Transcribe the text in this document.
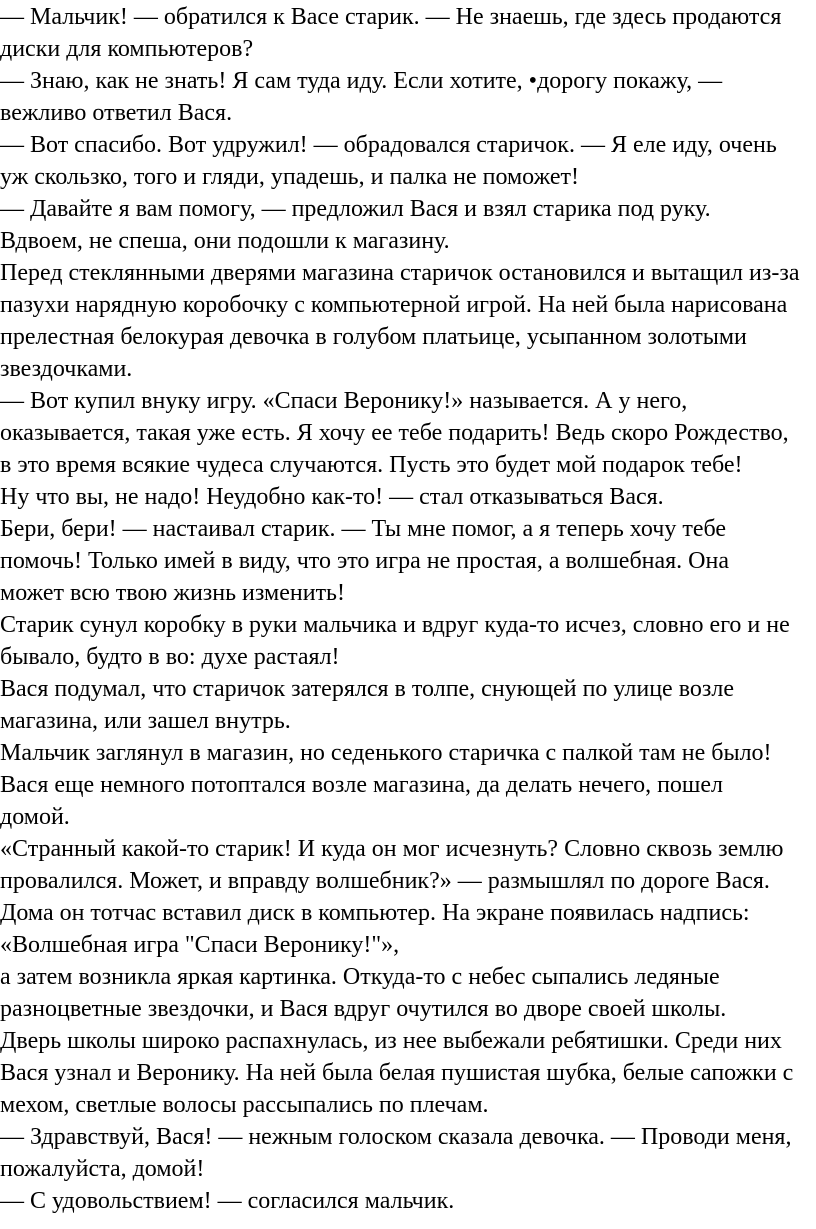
— Мальчик! — обратился к Васе старик. — Не знаешь, где здесь продаются
диски для компьютеров?
— Знаю, как не знать! Я сам туда иду. Если хотите, •дорогу покажу, —
вежливо ответил Вася.
— Вот спасибо. Вот удружил! — обрадовался старичок. — Я еле иду, очень
уж скользко, того и гляди, упадешь, и палка не поможет!
— Давайте я вам помогу, — предложил Вася и взял старика под руку.
Вдвоем, не спеша, они подошли к магазину.
Перед стеклянными дверями магазина старичок остановился и вытащил из-за
пазухи нарядную коробочку с компьютерной игрой. На ней была нарисована
прелестная белокурая девочка в голубом платьице, усыпанном золотыми
звездочками.
— Вот купил внуку игру. «Спаси Веронику!» называется. А у него,
оказывается, такая уже есть. Я хочу ее тебе подарить! Ведь скоро Рождество,
в это время всякие чудеса случаются. Пусть это будет мой подарок тебе!
Ну что вы, не надо! Неудобно как-то! — стал отказываться Вася.
Бери, бери! — настаивал старик. — Ты мне помог, а я теперь хочу тебе
помочь! Только имей в виду, что это игра не простая, а волшебная. Она
может всю твою жизнь изменить!
Старик сунул коробку в руки мальчика и вдруг куда-то исчез, словно его и не
бывало, будто в во: духе растаял!
Вася подумал, что старичок затерялся в толпе, снующей по улице возле
магазина, или зашел внутрь.
Мальчик заглянул в магазин, но седенького старичка с палкой там не было!
Вася еще немного потоптался возле магазина, да делать нечего, пошел
домой.
«Странный какой-то старик! И куда он мог исчезнуть? Словно сквозь землю
провалился. Может, и вправду волшебник?» — размышлял по дороге Вася.
Дома он тотчас вставил диск в компьютер. На экране появилась надпись:
«Волшебная игра "Спаси Веронику!"»,
а затем возникла яркая картинка. Откуда-то с небес сыпались ледяные
разноцветные звездочки, и Вася вдруг очутился во дворе своей школы.
Дверь школы широко распахнулась, из нее выбежали ребятишки. Среди них
Вася узнал и Веронику. На ней была белая пушистая шубка, белые сапожки с
мехом, светлые волосы рассыпались по плечам.
— Здравствуй, Вася! — нежным голоском сказала девочка. — Проводи меня,
пожалуйста, домой!
— С удовольствием! — согласился мальчик.
